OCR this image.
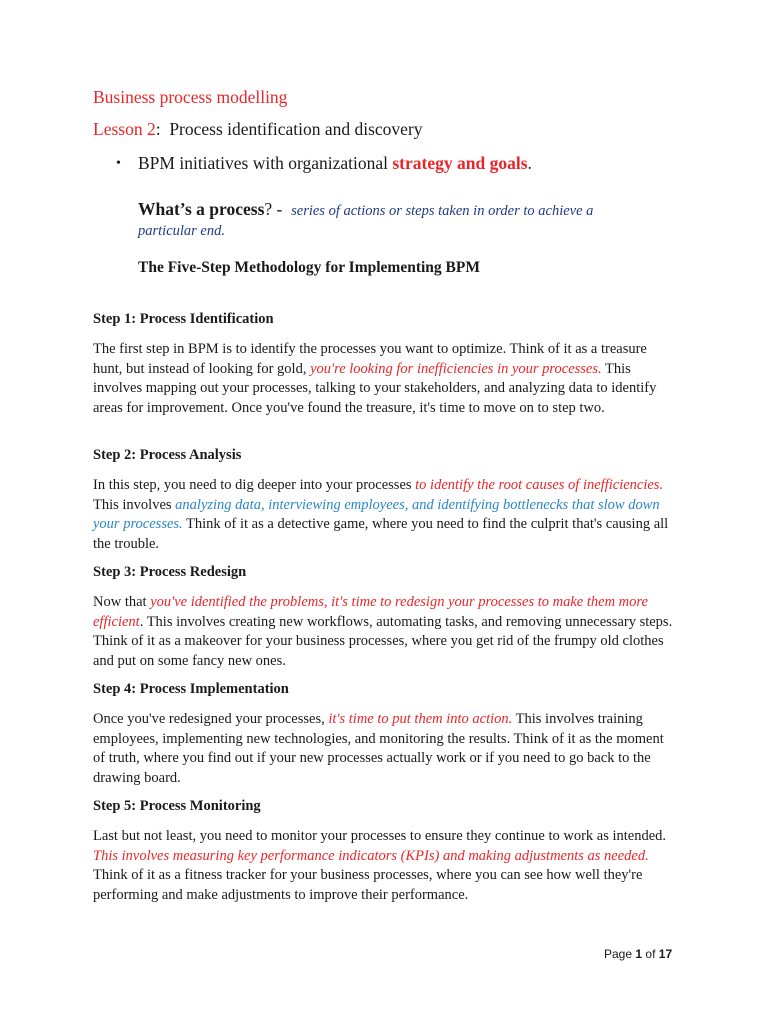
Business process modelling
Lesson 2: Process identification and discovery
• BPM initiatives with organizational strategy and goals.
What’s a process? -  series of actions or steps taken in order to achieve a particular end.
The Five-Step Methodology for Implementing BPM
Step 1: Process Identification
The first step in BPM is to identify the processes you want to optimize. Think of it as a treasure hunt, but instead of looking for gold, you're looking for inefficiencies in your processes. This involves mapping out your processes, talking to your stakeholders, and analyzing data to identify areas for improvement. Once you've found the treasure, it's time to move on to step two.
Step 2: Process Analysis
In this step, you need to dig deeper into your processes to identify the root causes of inefficiencies. This involves analyzing data, interviewing employees, and identifying bottlenecks that slow down your processes. Think of it as a detective game, where you need to find the culprit that's causing all the trouble.
Step 3: Process Redesign
Now that you've identified the problems, it's time to redesign your processes to make them more efficient. This involves creating new workflows, automating tasks, and removing unnecessary steps. Think of it as a makeover for your business processes, where you get rid of the frumpy old clothes and put on some fancy new ones.
Step 4: Process Implementation
Once you've redesigned your processes, it's time to put them into action. This involves training employees, implementing new technologies, and monitoring the results. Think of it as the moment of truth, where you find out if your new processes actually work or if you need to go back to the drawing board.
Step 5: Process Monitoring
Last but not least, you need to monitor your processes to ensure they continue to work as intended. This involves measuring key performance indicators (KPIs) and making adjustments as needed. Think of it as a fitness tracker for your business processes, where you can see how well they're performing and make adjustments to improve their performance.
Page 1 of 17
